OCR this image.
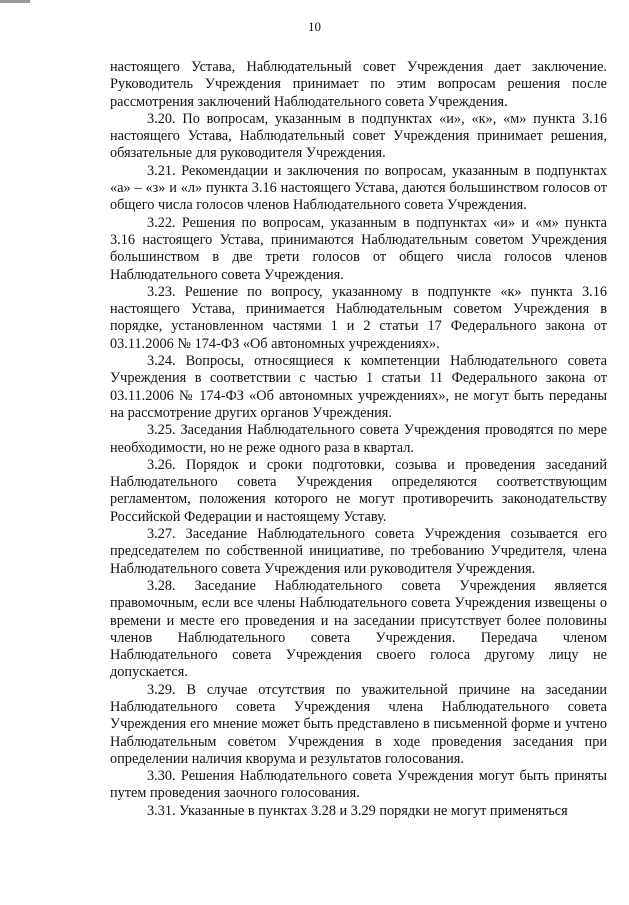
10

настоящего Устава, Наблюдательный совет Учреждения дает заключение. Руководитель Учреждения принимает по этим вопросам решения после рассмотрения заключений Наблюдательного совета Учреждения.

3.20. По вопросам, указанным в подпунктах «и», «к», «м» пункта 3.16 настоящего Устава, Наблюдательный совет Учреждения принимает решения, обязательные для руководителя Учреждения.

3.21. Рекомендации и заключения по вопросам, указанным в подпунктах «а» – «з» и «л» пункта 3.16 настоящего Устава, даются большинством голосов от общего числа голосов членов Наблюдательного совета Учреждения.

3.22. Решения по вопросам, указанным в подпунктах «и» и «м» пункта 3.16 настоящего Устава, принимаются Наблюдательным советом Учреждения большинством в две трети голосов от общего числа голосов членов Наблюдательного совета Учреждения.

3.23. Решение по вопросу, указанному в подпункте «к» пункта 3.16 настоящего Устава, принимается Наблюдательным советом Учреждения в порядке, установленном частями 1 и 2 статьи 17 Федерального закона от 03.11.2006 № 174-ФЗ «Об автономных учреждениях».

3.24. Вопросы, относящиеся к компетенции Наблюдательного совета Учреждения в соответствии с частью 1 статьи 11 Федерального закона от 03.11.2006 № 174-ФЗ «Об автономных учреждениях», не могут быть переданы на рассмотрение других органов Учреждения.

3.25. Заседания Наблюдательного совета Учреждения проводятся по мере необходимости, но не реже одного раза в квартал.

3.26. Порядок и сроки подготовки, созыва и проведения заседаний Наблюдательного совета Учреждения определяются соответствующим регламентом, положения которого не могут противоречить законодательству Российской Федерации и настоящему Уставу.

3.27. Заседание Наблюдательного совета Учреждения созывается его председателем по собственной инициативе, по требованию Учредителя, члена Наблюдательного совета Учреждения или руководителя Учреждения.

3.28. Заседание Наблюдательного совета Учреждения является правомочным, если все члены Наблюдательного совета Учреждения извещены о времени и месте его проведения и на заседании присутствует более половины членов Наблюдательного совета Учреждения. Передача членом Наблюдательного совета Учреждения своего голоса другому лицу не допускается.

3.29. В случае отсутствия по уважительной причине на заседании Наблюдательного совета Учреждения члена Наблюдательного совета Учреждения его мнение может быть представлено в письменной форме и учтено Наблюдательным советом Учреждения в ходе проведения заседания при определении наличия кворума и результатов голосования.

3.30. Решения Наблюдательного совета Учреждения могут быть приняты путем проведения заочного голосования.

3.31. Указанные в пунктах 3.28 и 3.29 порядки не могут применяться
